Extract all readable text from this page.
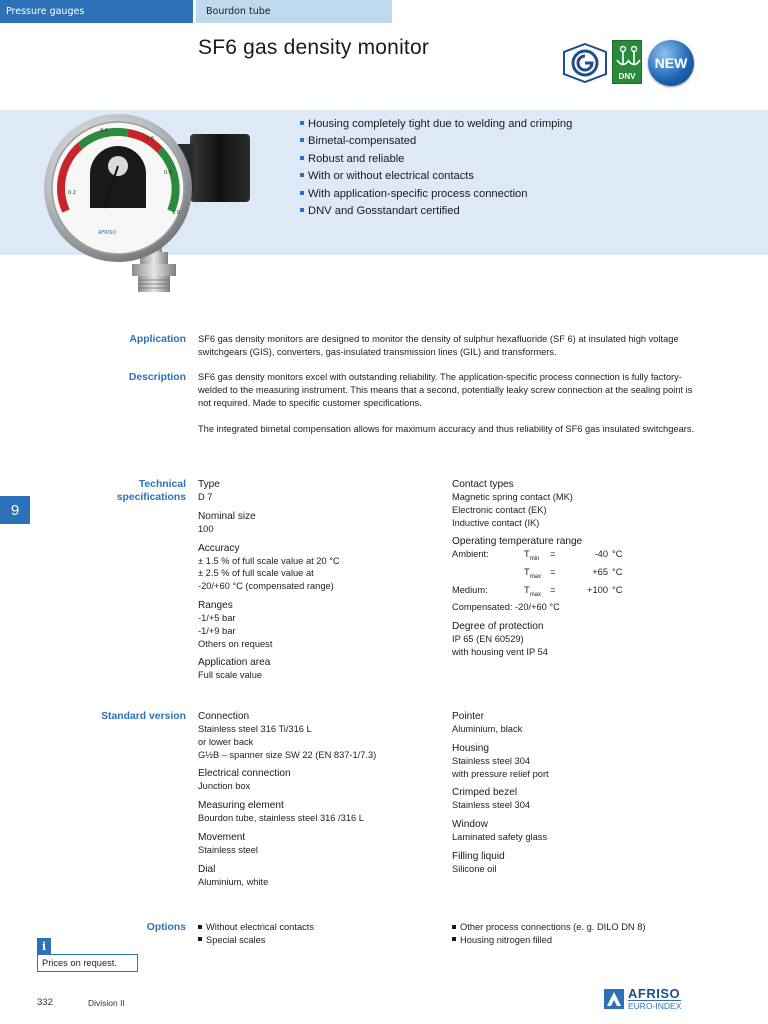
Pressure gauges	Bourdon tube
SF6 gas density monitor
DNV
NEW
0.2
0.4
0.6
0.8
1.0
AFRISO
Housing completely tight due to welding and crimping
Bimetal-compensated
Robust and reliable
With or without electrical contacts
With application-specific process connection
DNV and Gosstandart certified
Application SF6 gas density monitors are designed to monitor the density of sulphur hexafluoride (SF 6) at insulated high voltage switchgears (GIS), converters, gas-insulated transmission lines (GIL) and transformers.
Description SF6 gas density monitors excel with outstanding reliability. The application-specific process connection is fully factory-welded to the measuring instrument. This means that a second, potentially leaky screw connection at the sealing point is not required. Made to specific customer specifications.
The integrated bimetal compensation allows for maximum accuracy and thus reliability of SF6 gas insulated switchgears.
Technical
specifications
Type
D 7
Nominal size
100
Accuracy
± 1.5 % of full scale value at 20 °C
± 2.5 % of full scale value at
-20/+60 °C (compensated range)
Ranges
-1/+5 bar
-1/+9 bar
Others on request
Application area
Full scale value
Contact types
Magnetic spring contact (MK)
Electronic contact (EK)
Inductive contact (IK)
Operating temperature range
Ambient:	$T_{min}$	=	-40 °C
$T_{max}$ =	+65 °C
Medium:	$T_{max}$ =	+100 °C
Compensated: -20/+60 °C
Degree of protection
IP 65 (EN 60529)
with housing vent IP 54
Standard version Connection
Stainless steel 316 Ti/316 L
or lower back
G½B – spanner size SW 22 (EN 837-1/7.3)
Electrical connection
Junction box
Measuring element
Bourdon tube, stainless steel 316 /316 L
Movement
Stainless steel
Dial
Aluminium, white
Pointer
Aluminium, black
Housing
Stainless steel 304
with pressure relief port
Crimped bezel
Stainless steel 304
Window
Laminated safety glass
Filling liquid
Silicone oil
Options	Without electrical contacts
Special scales
Other process connections (e. g. DILO DN 8)
Housing nitrogen filled
9
i
Prices on request.
332	Division II
AFRISO
EURO-INDEX
